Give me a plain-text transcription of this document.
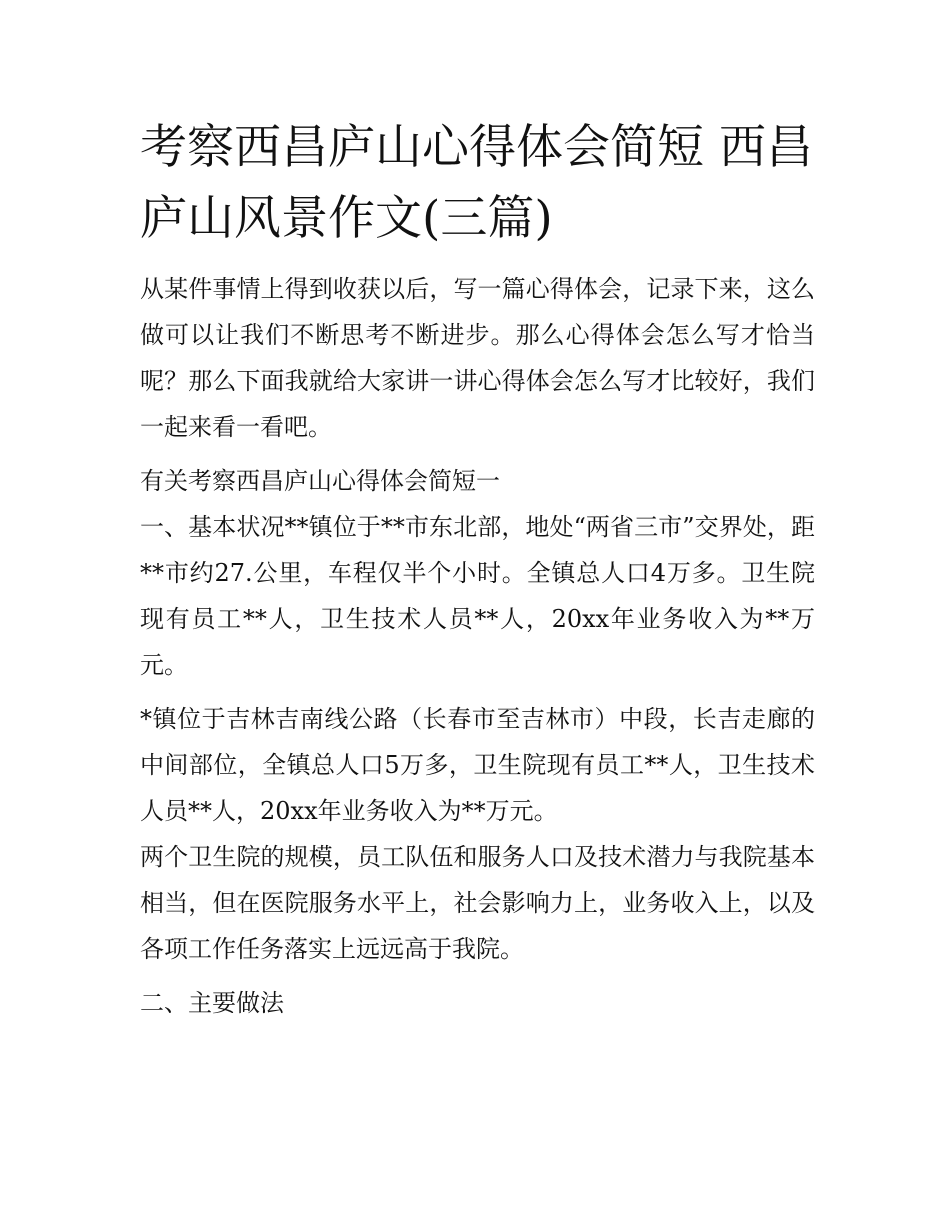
考察西昌庐山心得体会简短 西昌庐山风景作文(三篇)

从某件事情上得到收获以后，写一篇心得体会，记录下来，这么做可以让我们不断思考不断进步。那么心得体会怎么写才恰当呢？那么下面我就给大家讲一讲心得体会怎么写才比较好，我们一起来看一看吧。

有关考察西昌庐山心得体会简短一

一、基本状况**镇位于**市东北部，地处“两省三市”交界处，距**市约27.公里，车程仅半个小时。全镇总人口4万多。卫生院现有员工**人，卫生技术人员**人，20xx年业务收入为**万元。

*镇位于吉林吉南线公路（长春市至吉林市）中段，长吉走廊的中间部位，全镇总人口5万多，卫生院现有员工**人，卫生技术人员**人，20xx年业务收入为**万元。

两个卫生院的规模，员工队伍和服务人口及技术潜力与我院基本相当，但在医院服务水平上，社会影响力上，业务收入上，以及各项工作任务落实上远远高于我院。

二、主要做法
